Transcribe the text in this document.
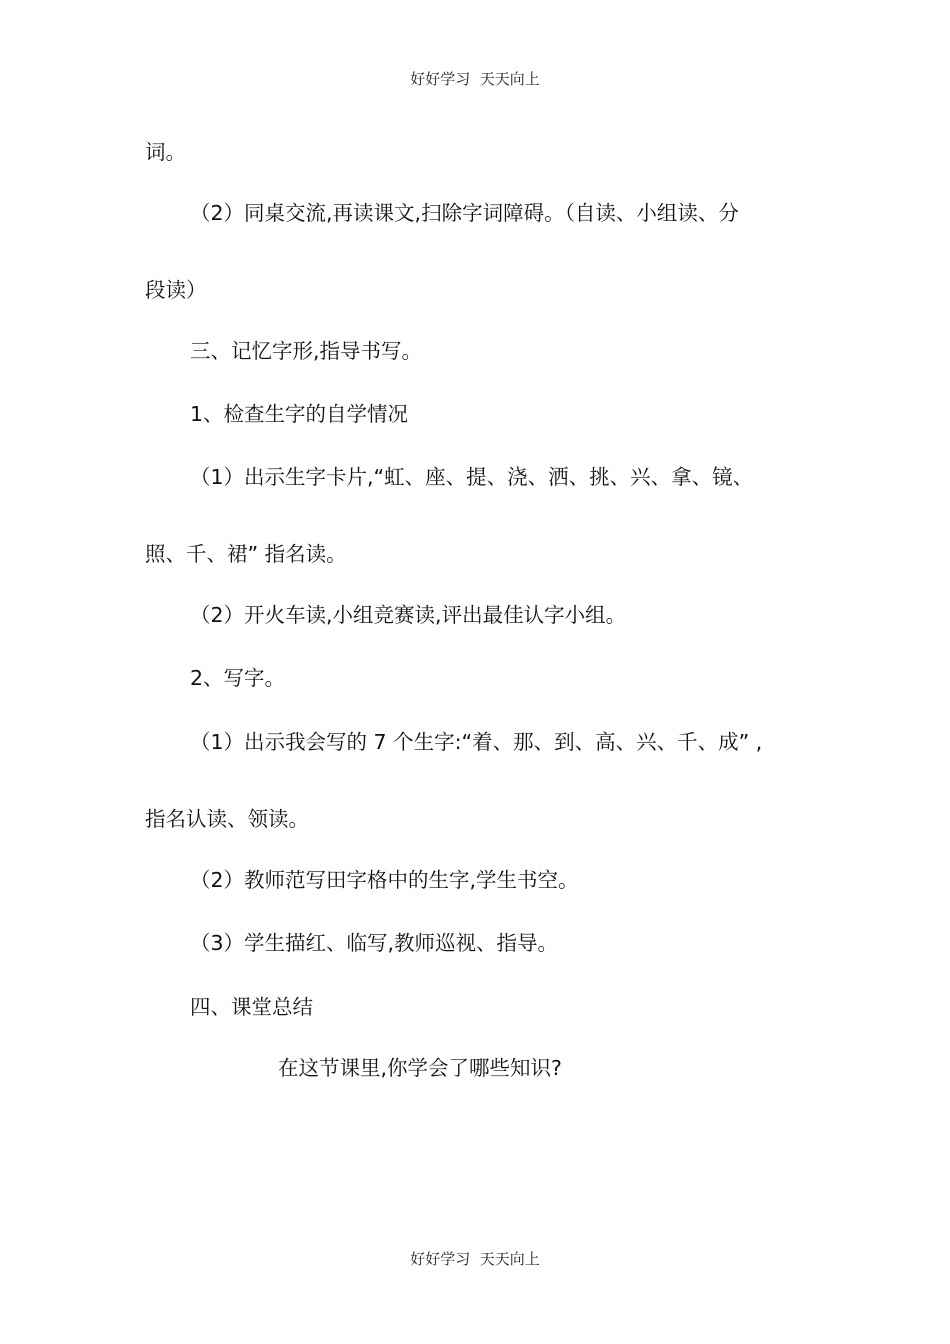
好好学习  天天向上
词。
（2）同桌交流,再读课文,扫除字词障碍。（自读、小组读、分
段读）
三、记忆字形,指导书写。
1、检查生字的自学情况
（1）出示生字卡片,“虹、座、提、浇、洒、挑、兴、拿、镜、
照、千、裙” 指名读。
（2）开火车读,小组竞赛读,评出最佳认字小组。
2、写字。
（1）出示我会写的 7 个生字:“着、那、到、高、兴、千、成” ,
指名认读、领读。
（2）教师范写田字格中的生字,学生书空。
（3）学生描红、临写,教师巡视、指导。
四、课堂总结
在这节课里,你学会了哪些知识?
好好学习  天天向上
